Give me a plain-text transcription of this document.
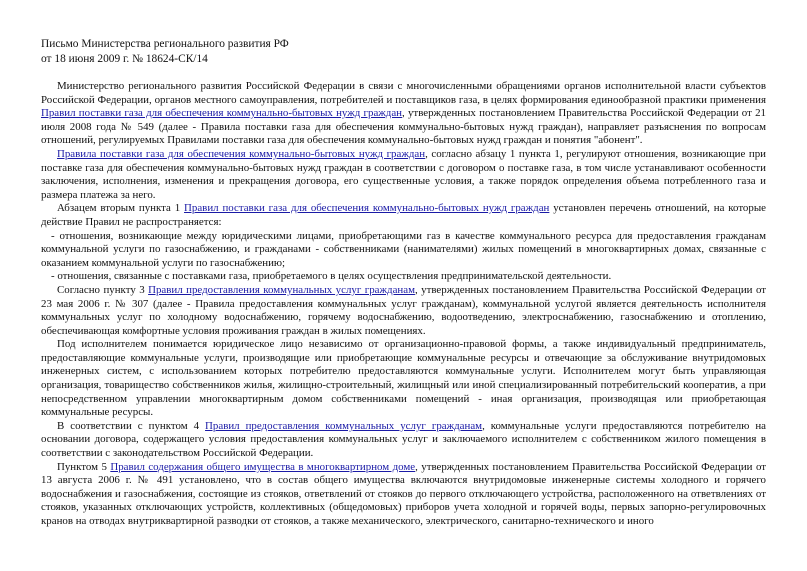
Письмо Министерства регионального развития РФ
от 18 июня 2009 г. № 18624-СК/14

Министерство регионального развития Российской Федерации в связи с многочисленными обращениями органов исполнительной власти субъектов Российской Федерации, органов местного самоуправления, потребителей и поставщиков газа, в целях формирования единообразной практики применения Правил поставки газа для обеспечения коммунально-бытовых нужд граждан, утвержденных постановлением Правительства Российской Федерации от 21 июля 2008 года № 549 (далее - Правила поставки газа для обеспечения коммунально-бытовых нужд граждан), направляет разъяснения по вопросам отношений, регулируемых Правилами поставки газа для обеспечения коммунально-бытовых нужд граждан и понятия "абонент".

Правила поставки газа для обеспечения коммунально-бытовых нужд граждан, согласно абзацу 1 пункта 1, регулируют отношения, возникающие при поставке газа для обеспечения коммунально-бытовых нужд граждан в соответствии с договором о поставке газа, в том числе устанавливают особенности заключения, исполнения, изменения и прекращения договора, его существенные условия, а также порядок определения объема потребленного газа и размера платежа за него.

Абзацем вторым пункта 1 Правил поставки газа для обеспечения коммунально-бытовых нужд граждан установлен перечень отношений, на которые действие Правил не распространяется:

- отношения, возникающие между юридическими лицами, приобретающими газ в качестве коммунального ресурса для предоставления гражданам коммунальной услуги по газоснабжению, и гражданами - собственниками (нанимателями) жилых помещений в многоквартирных домах, связанные с оказанием коммунальной услуги по газоснабжению;

- отношения, связанные с поставками газа, приобретаемого в целях осуществления предпринимательской деятельности.

Согласно пункту 3 Правил предоставления коммунальных услуг гражданам, утвержденных постановлением Правительства Российской Федерации от 23 мая 2006 г. № 307 (далее - Правила предоставления коммунальных услуг гражданам), коммунальной услугой является деятельность исполнителя коммунальных услуг по холодному водоснабжению, горячему водоснабжению, водоотведению, электроснабжению, газоснабжению и отоплению, обеспечивающая комфортные условия проживания граждан в жилых помещениях.

Под исполнителем понимается юридическое лицо независимо от организационно-правовой формы, а также индивидуальный предприниматель, предоставляющие коммунальные услуги, производящие или приобретающие коммунальные ресурсы и отвечающие за обслуживание внутридомовых инженерных систем, с использованием которых потребителю предоставляются коммунальные услуги. Исполнителем могут быть управляющая организация, товарищество собственников жилья, жилищно-строительный, жилищный или иной специализированный потребительский кооператив, а при непосредственном управлении многоквартирным домом собственниками помещений - иная организация, производящая или приобретающая коммунальные ресурсы.

В соответствии с пунктом 4 Правил предоставления коммунальных услуг гражданам, коммунальные услуги предоставляются потребителю на основании договора, содержащего условия предоставления коммунальных услуг и заключаемого исполнителем с собственником жилого помещения в соответствии с законодательством Российской Федерации.

Пунктом 5 Правил содержания общего имущества в многоквартирном доме, утвержденных постановлением Правительства Российской Федерации от 13 августа 2006 г. № 491 установлено, что в состав общего имущества включаются внутридомовые инженерные системы холодного и горячего водоснабжения и газоснабжения, состоящие из стояков, ответвлений от стояков до первого отключающего устройства, расположенного на ответвлениях от стояков, указанных отключающих устройств, коллективных (общедомовых) приборов учета холодной и горячей воды, первых запорно-регулировочных кранов на отводах внутриквартирной разводки от стояков, а также механического, электрического, санитарно-технического и иного
